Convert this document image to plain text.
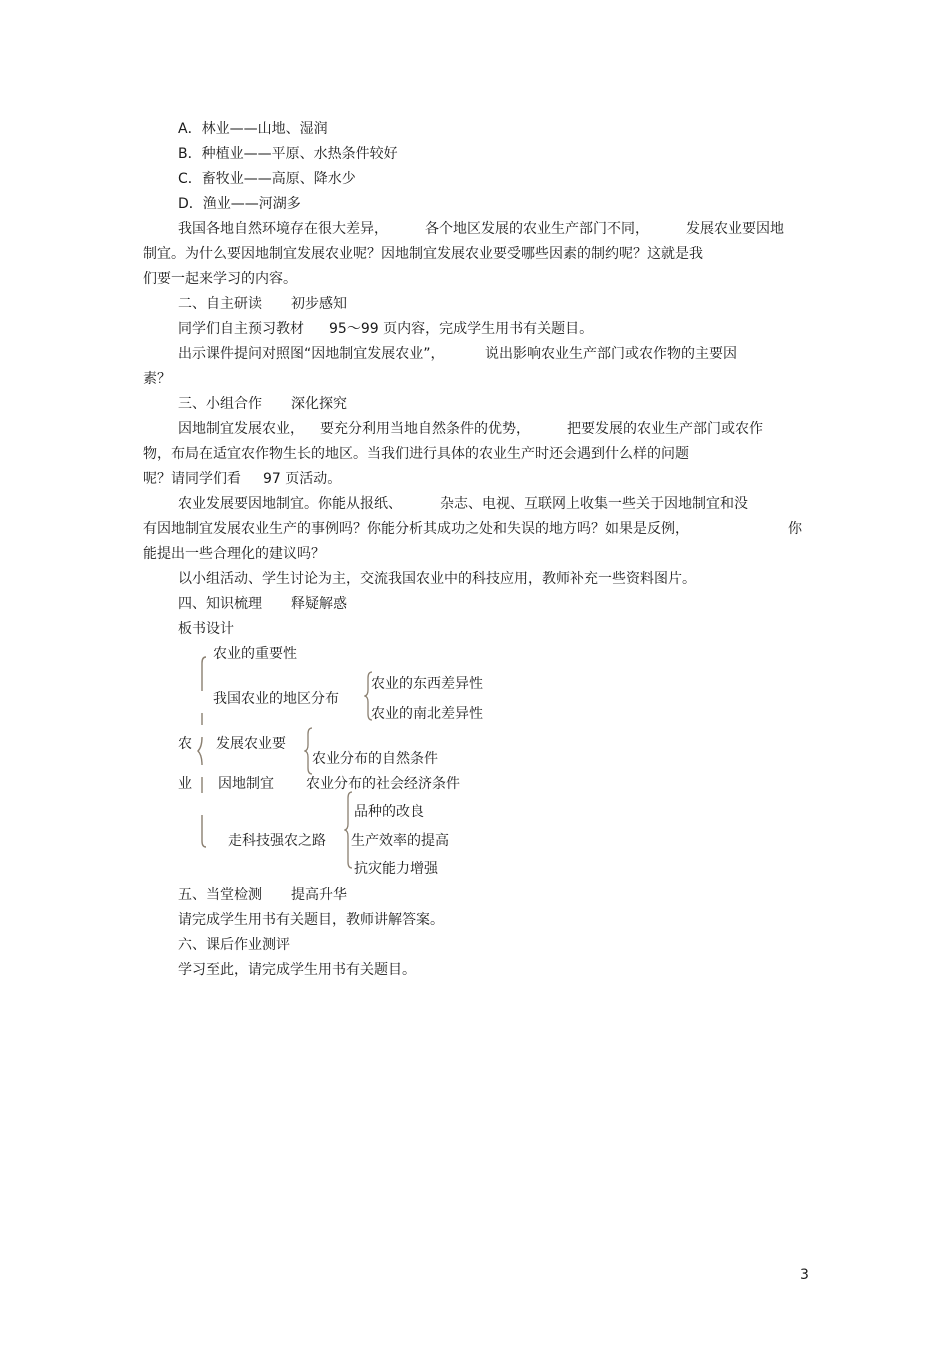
A．林业——山地、湿润
B．种植业——平原、水热条件较好
C．畜牧业——高原、降水少
D．渔业——河湖多
我国各地自然环境存在很大差异，	各个地区发展的农业生产部门不同，	发展农业要因地
制宜。为什么要因地制宜发展农业呢？因地制宜发展农业要受哪些因素的制约呢？这就是我
们要一起来学习的内容。
二、自主研读 初步感知
同学们自主预习教材 95～99 页内容，完成学生用书有关题目。
出示课件提问对照图“因地制宜发展农业”，	说出影响农业生产部门或农作物的主要因
素？
三、小组合作 深化探究
因地制宜发展农业， 要充分利用当地自然条件的优势，	把要发展的农业生产部门或农作
物，布局在适宜农作物生长的地区。当我们进行具体的农业生产时还会遇到什么样的问题
呢？请同学们看 97 页活动。
农业发展要因地制宜。你能从报纸、	杂志、电视、互联网上收集一些关于因地制宜和没
有因地制宜发展农业生产的事例吗？你能分析其成功之处和失误的地方吗？如果是反例，	你
能提出一些合理化的建议吗？
以小组活动、学生讨论为主，交流我国农业中的科技应用，教师补充一些资料图片。
四、知识梳理 释疑解惑
板书设计
农业的重要性
我国农业的地区分布
农业的东西差异性
农业的南北差异性
农 发展农业要
农业分布的自然条件
业 因地制宜 农业分布的社会经济条件
品种的改良
走科技强农之路 生产效率的提高
抗灾能力增强
五、当堂检测 提高升华
请完成学生用书有关题目，教师讲解答案。
六、课后作业测评
学习至此，请完成学生用书有关题目。
3
